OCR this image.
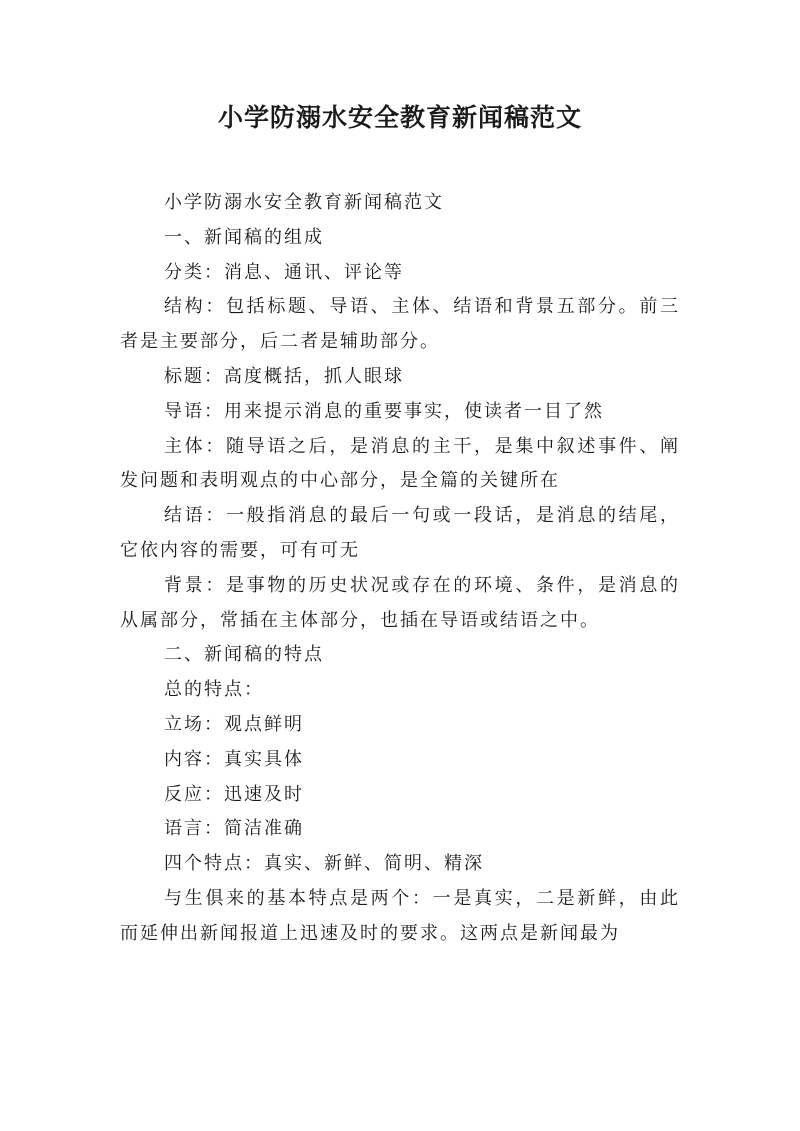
小学防溺水安全教育新闻稿范文

小学防溺水安全教育新闻稿范文

一、新闻稿的组成

分类：消息、通讯、评论等

结构：包括标题、导语、主体、结语和背景五部分。前三者是主要部分，后二者是辅助部分。

标题：高度概括，抓人眼球

导语：用来提示消息的重要事实，使读者一目了然

主体：随导语之后，是消息的主干，是集中叙述事件、阐发问题和表明观点的中心部分，是全篇的关键所在

结语：一般指消息的最后一句或一段话，是消息的结尾，它依内容的需要，可有可无

背景：是事物的历史状况或存在的环境、条件，是消息的从属部分，常插在主体部分，也插在导语或结语之中。

二、新闻稿的特点

总的特点：

立场：观点鲜明

内容：真实具体

反应：迅速及时

语言：简洁准确

四个特点：真实、新鲜、简明、精深

与生俱来的基本特点是两个：一是真实，二是新鲜，由此而延伸出新闻报道上迅速及时的要求。这两点是新闻最为
